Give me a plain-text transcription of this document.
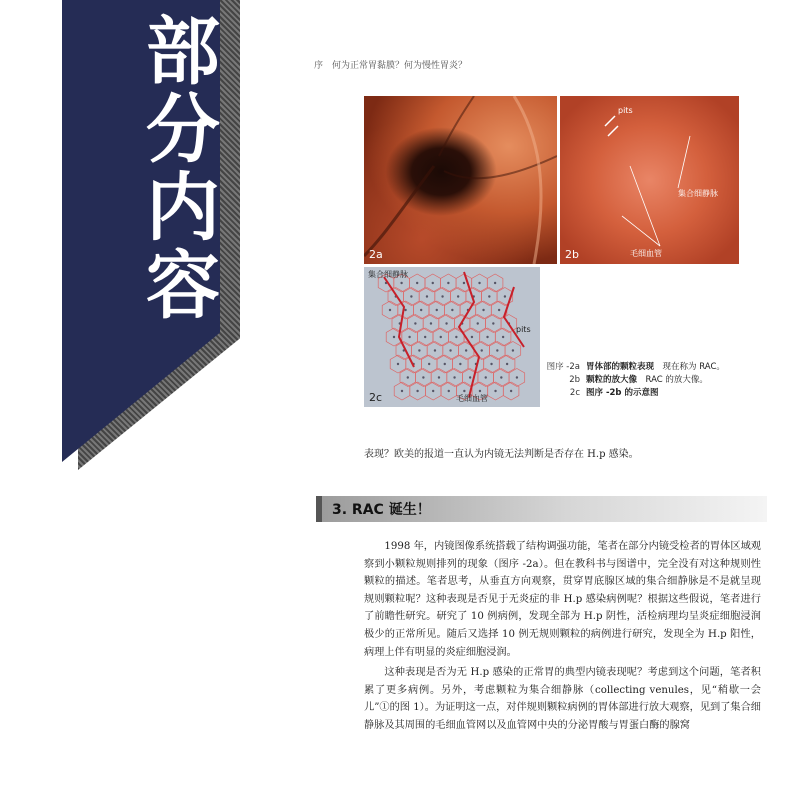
部分内容	序　何为正常胃黏膜？何为慢性胃炎？
2a
pits
集合细静脉
毛细血管
2b
集合细静脉
pits
毛细血管
2c
图序 -2a 胃体部的颗粒表现　现在称为 RAC。
2b 颗粒的放大像　RAC 的放大像。
2c 图序 -2b 的示意图
表现？欧美的报道一直认为内镜无法判断是否存在 H.p 感染。
3. RAC 诞生！

1998 年，内镜图像系统搭载了结构调强功能，笔者在部分内镜受检者的胃体区域观察到小颗粒规则排列的现象（图序 -2a）。但在教科书与图谱中，完全没有对这种规则性颗粒的描述。笔者思考，从垂直方向观察，贯穿胃底腺区域的集合细静脉是不是就呈现规则颗粒呢？这种表现是否见于无炎症的非 H.p 感染病例呢？根据这些假说，笔者进行了前瞻性研究。研究了 10 例病例，发现全部为 H.p 阴性，活检病理均呈炎症细胞浸润极少的正常所见。随后又选择 10 例无规则颗粒的病例进行研究，发现全为 H.p 阳性，病理上伴有明显的炎症细胞浸润。

这种表现是否为无 H.p 感染的正常胃的典型内镜表现呢？考虑到这个问题，笔者积累了更多病例。另外，考虑颗粒为集合细静脉（collecting venules，见“稍歇一会儿”①的图 1）。为证明这一点，对伴规则颗粒病例的胃体部进行放大观察，见到了集合细静脉及其周围的毛细血管网以及血管网中央的分泌胃酸与胃蛋白酶的腺窝
